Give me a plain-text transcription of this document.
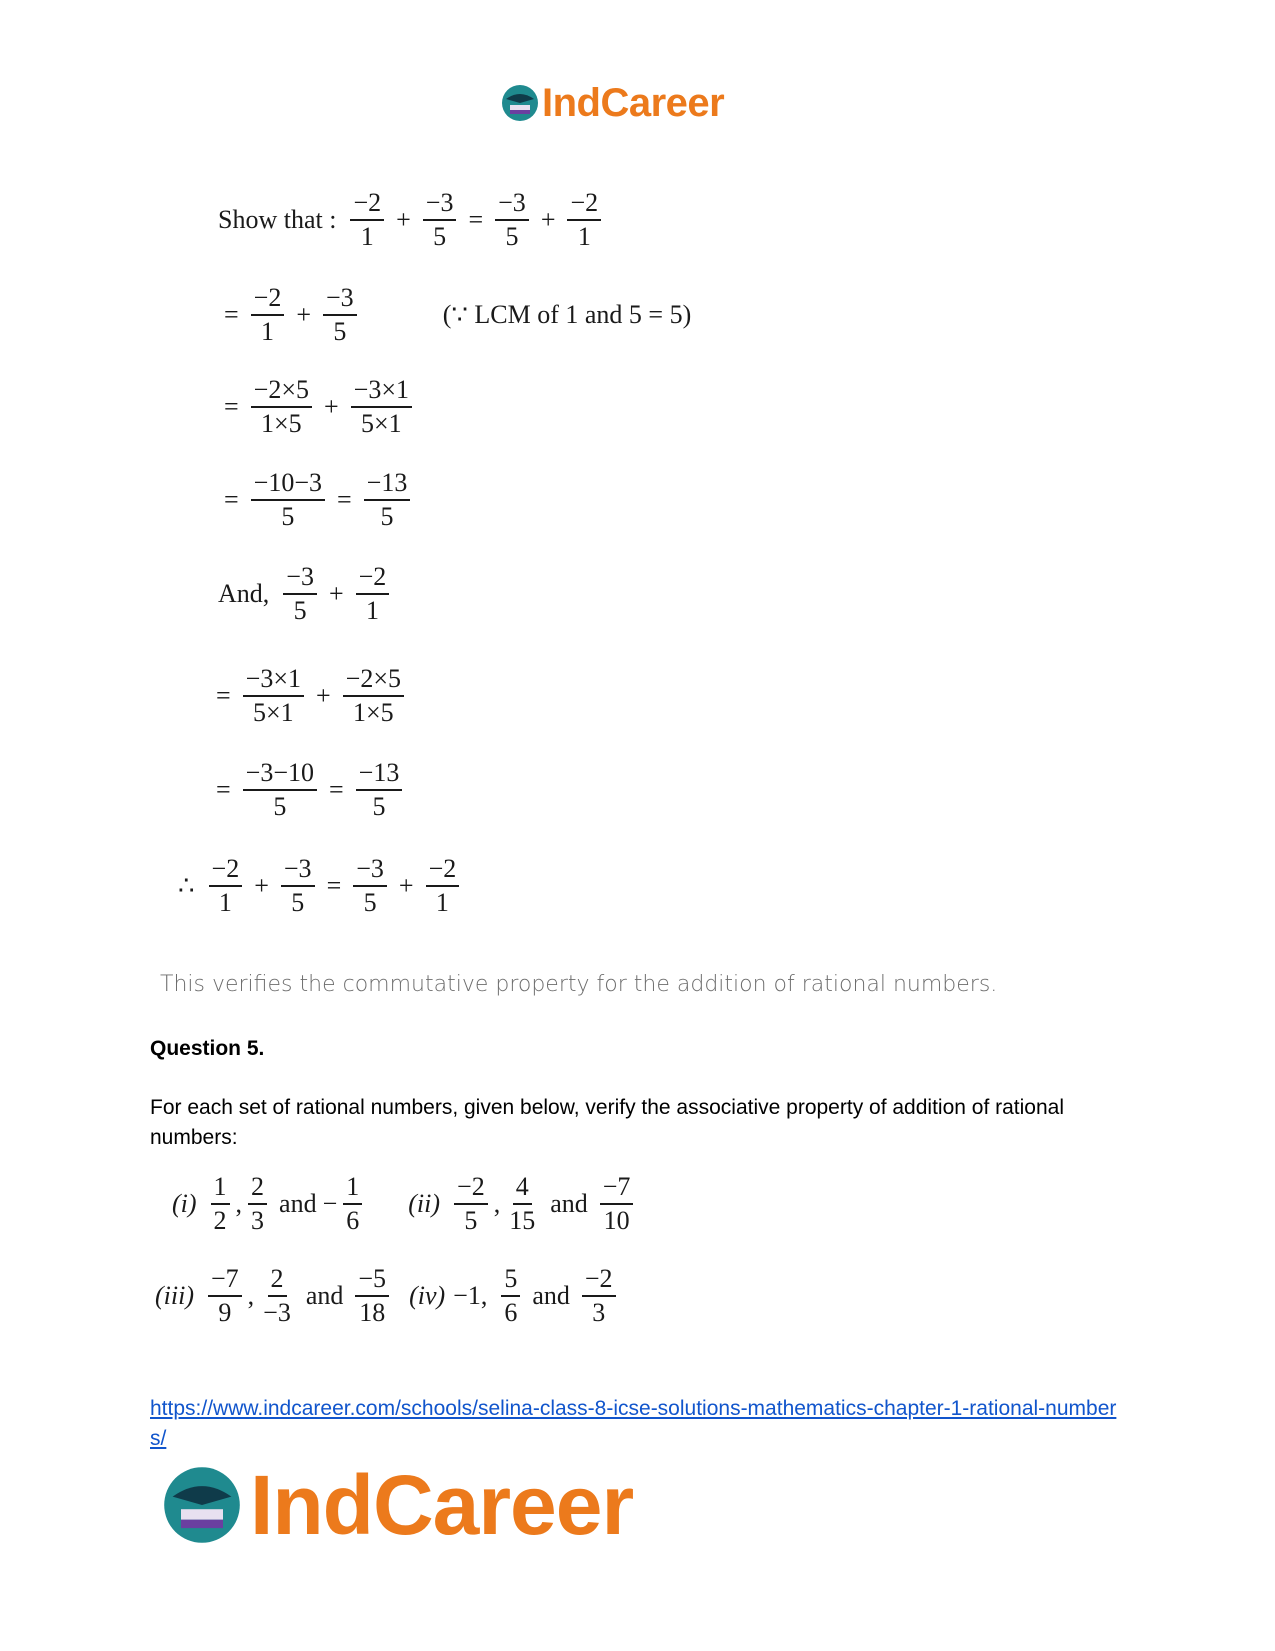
IndCareer
Show that : $\frac{-2}{1} + \frac{-3}{5} = \frac{-3}{5} + \frac{-2}{1}$
= $\frac{-2}{1} + \frac{-3}{5}$	(∵ LCM of 1 and 5 = 5)
= $\frac{-2\times 5}{1\times 5} + \frac{-3\times 1}{5\times 1}$
= $\frac{-10-3}{5} = \frac{-13}{5}$
And, $\frac{-3}{5} + \frac{-2}{1}$
= $\frac{-3\times 1}{5\times 1} + \frac{-2\times 5}{1\times 5}$
= $\frac{-3-10}{5} = \frac{-13}{5}$
∴ $\frac{-2}{1} + \frac{-3}{5} = \frac{-3}{5} + \frac{-2}{1}$
This verifies the commutative property for the addition of rational numbers.
Question 5.
For each set of rational numbers, given below, verify the associative property of addition of rational numbers:
$(i) \frac{1}{2}$ , $\frac{2}{3}$ and − $\frac{1}{6} (ii) \frac{-2}{5}$ , $\frac{4}{15}$ and $\frac{-7}{10}$
$(iii) \frac{-7}{9}$ , $\frac{2}{-3}$ and $\frac{-5}{18} (iv) -1$, $\frac{5}{6}$ and $\frac{-2}{3}$
https://www.indcareer.com/schools/selina-class-8-icse-solutions-mathematics-chapter-1-rational-numbers/
IndCareer
